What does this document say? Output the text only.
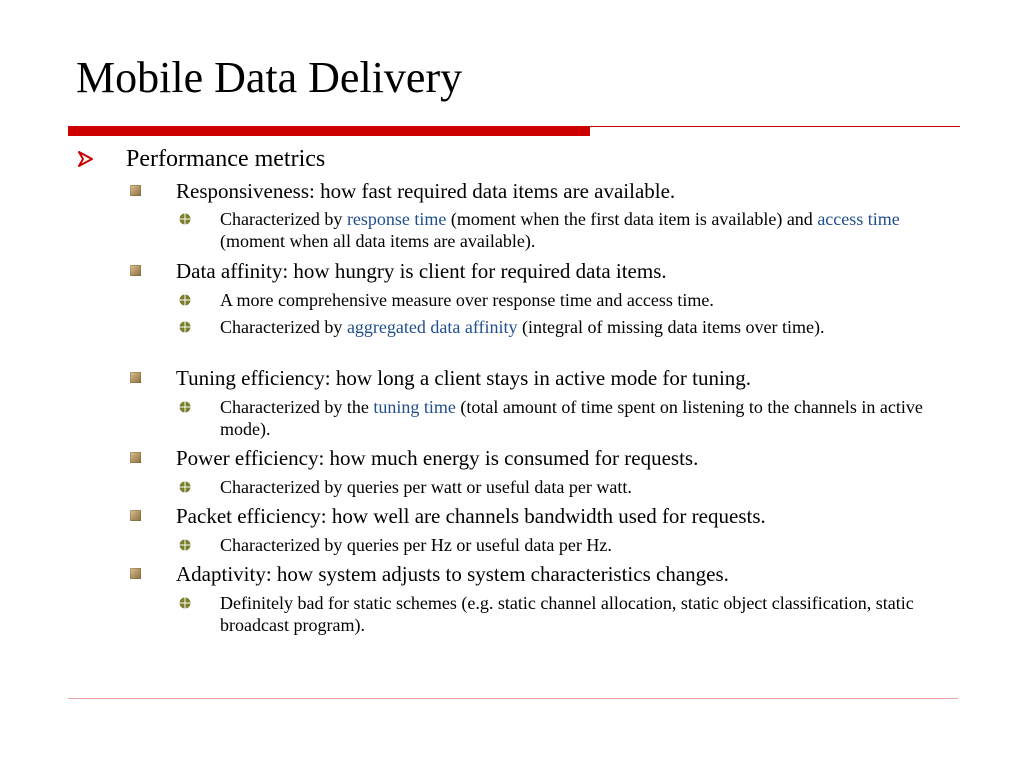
Mobile Data Delivery
Performance metrics
Responsiveness: how fast required data items are available.
Characterized by response time (moment when the first data item is available) and access time (moment when all data items are available).
Data affinity: how hungry is client for required data items.
A more comprehensive measure over response time and access time.
Characterized by aggregated data affinity (integral of missing data items over time).
Tuning efficiency: how long a client stays in active mode for tuning.
Characterized by the tuning time (total amount of time spent on listening to the channels in active mode).
Power efficiency: how much energy is consumed for requests.
Characterized by queries per watt or useful data per watt.
Packet efficiency: how well are channels bandwidth used for requests.
Characterized by queries per Hz or useful data per Hz.
Adaptivity: how system adjusts to system characteristics changes.
Definitely bad for static schemes (e.g. static channel allocation, static object classification, static broadcast program).
